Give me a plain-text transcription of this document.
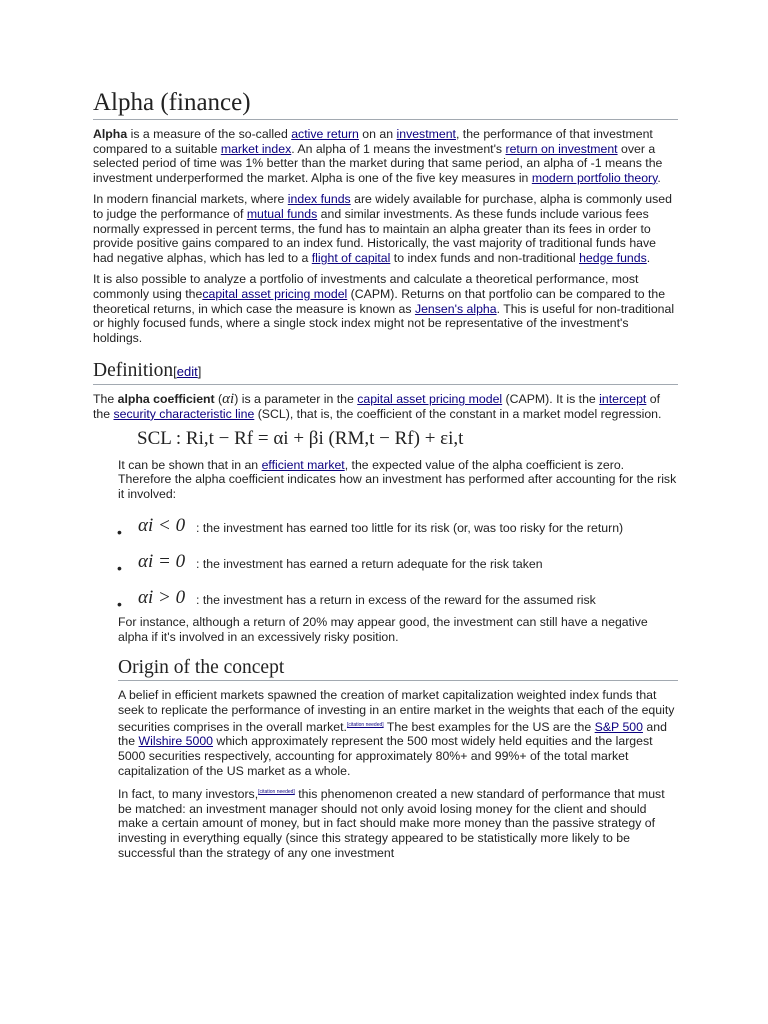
Alpha (finance)

Alpha is a measure of the so-called active return on an investment, the performance of that investment compared to a suitable market index. An alpha of 1 means the investment's return on investment over a selected period of time was 1% better than the market during that same period, an alpha of -1 means the investment underperformed the market. Alpha is one of the five key measures in modern portfolio theory.

In modern financial markets, where index funds are widely available for purchase, alpha is commonly used to judge the performance of mutual funds and similar investments. As these funds include various fees normally expressed in percent terms, the fund has to maintain an alpha greater than its fees in order to provide positive gains compared to an index fund. Historically, the vast majority of traditional funds have had negative alphas, which has led to a flight of capital to index funds and non-traditional hedge funds.

It is also possible to analyze a portfolio of investments and calculate a theoretical performance, most commonly using thecapital asset pricing model (CAPM). Returns on that portfolio can be compared to the theoretical returns, in which case the measure is known as Jensen's alpha. This is useful for non-traditional or highly focused funds, where a single stock index might not be representative of the investment's holdings.

Definition[edit]

The alpha coefficient (αi) is a parameter in the capital asset pricing model (CAPM). It is the intercept of the security characteristic line (SCL), that is, the coefficient of the constant in a market model regression.

SCL : Ri,t − Rf = αi + βi (RM,t − Rf) + εi,t

It can be shown that in an efficient market, the expected value of the alpha coefficient is zero. Therefore the alpha coefficient indicates how an investment has performed after accounting for the risk it involved:

• αi < 0 : the investment has earned too little for its risk (or, was too risky for the return)
• αi = 0 : the investment has earned a return adequate for the risk taken
• αi > 0 : the investment has a return in excess of the reward for the assumed risk

For instance, although a return of 20% may appear good, the investment can still have a negative alpha if it's involved in an excessively risky position.

Origin of the concept

A belief in efficient markets spawned the creation of market capitalization weighted index funds that seek to replicate the performance of investing in an entire market in the weights that each of the equity securities comprises in the overall market.[citation needed] The best examples for the US are the S&P 500 and the Wilshire 5000 which approximately represent the 500 most widely held equities and the largest 5000 securities respectively, accounting for approximately 80%+ and 99%+ of the total market capitalization of the US market as a whole.

In fact, to many investors,[citation needed] this phenomenon created a new standard of performance that must be matched: an investment manager should not only avoid losing money for the client and should make a certain amount of money, but in fact should make more money than the passive strategy of investing in everything equally (since this strategy appeared to be statistically more likely to be successful than the strategy of any one investment
